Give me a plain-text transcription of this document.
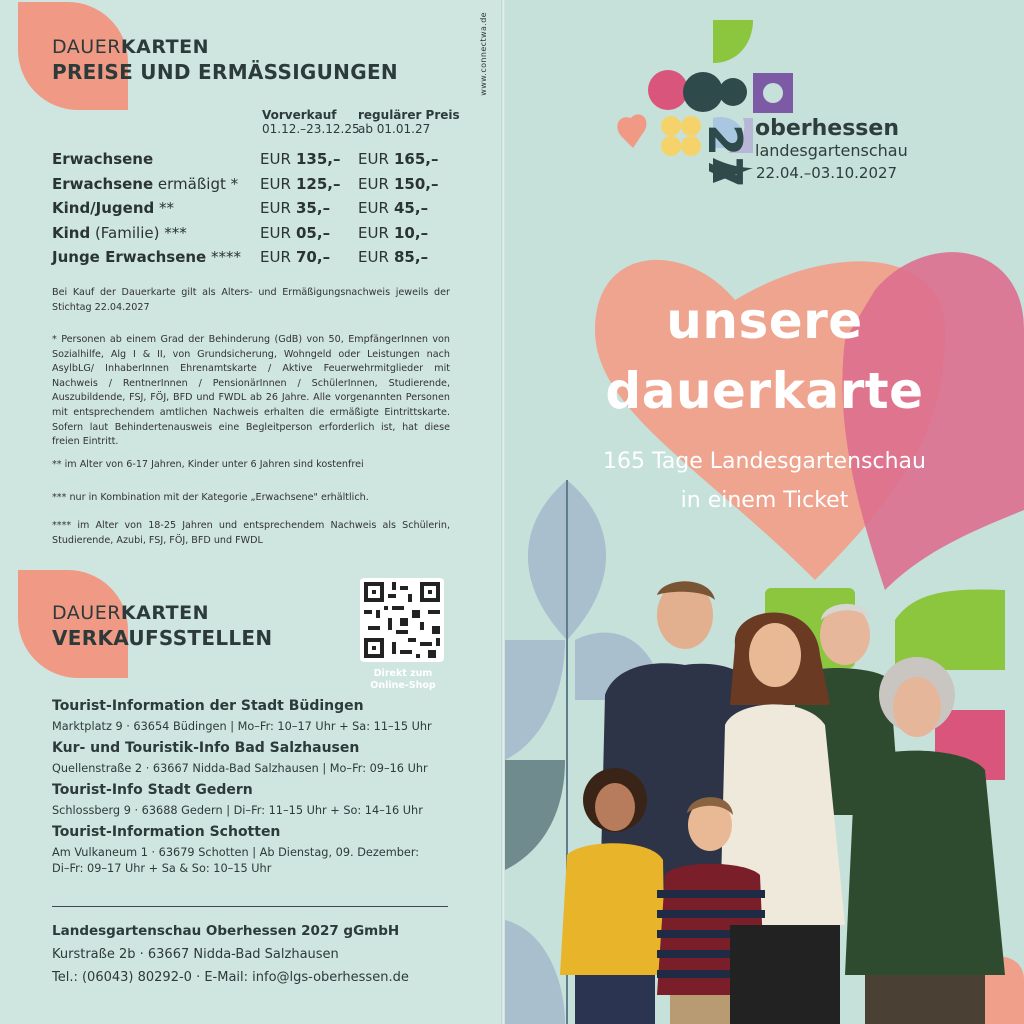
DAUERKARTEN
PREISE UND ERMÄSSIGUNGEN
Vorverkauf
01.12.–23.12.25
regulärer Preis
ab 01.01.27
Erwachsene	EUR 135,– EUR 165,–
Erwachsene ermäßigt * EUR 125,– EUR 150,–
Kind/Jugend **	EUR 35,– EUR 45,–
Kind (Familie) ***	EUR 05,– EUR 10,–
Junge Erwachsene **** EUR 70,– EUR 85,–
Bei Kauf der Dauerkarte gilt als Alters- und Ermäßigungsnachweis jeweils der Stichtag 22.04.2027
* Personen ab einem Grad der Behinderung (GdB) von 50, EmpfängerInnen von Sozialhilfe, Alg I & II, von Grundsicherung, Wohngeld oder Leistungen nach AsylbLG/ InhaberInnen Ehrenamtskarte / Aktive Feuerwehrmitglieder mit Nachweis / RentnerInnen / PensionärInnen / SchülerInnen, Studierende, Auszubildende, FSJ, FÖJ, BFD und FWDL ab 26 Jahre. Alle vorgenannten Personen mit entsprechendem amtlichen Nachweis erhalten die ermäßigte Eintrittskarte. Sofern laut Behindertenausweis eine Begleitperson erforderlich ist, hat diese freien Eintritt.
** im Alter von 6-17 Jahren, Kinder unter 6 Jahren sind kostenfrei
*** nur in Kombination mit der Kategorie „Erwachsene" erhältlich.
**** im Alter von 18-25 Jahren und entsprechendem Nachweis als Schülerin, Studierende, Azubi, FSJ, FÖJ, BFD und FWDL
DAUERKARTEN
VERKAUFSSTELLEN
Direkt zum Online-Shop
Tourist-Information der Stadt Büdingen
Marktplatz 9 · 63654 Büdingen | Mo–Fr: 10–17 Uhr + Sa: 11–15 Uhr
Kur- und Touristik-Info Bad Salzhausen
Quellenstraße 2 · 63667 Nidda-Bad Salzhausen | Mo–Fr: 09–16 Uhr
Tourist-Info Stadt Gedern
Schlossberg 9 · 63688 Gedern | Di–Fr: 11–15 Uhr + So: 14–16 Uhr
Tourist-Information Schotten
Am Vulkaneum 1 · 63679 Schotten | Ab Dienstag, 09. Dezember:
Di–Fr: 09–17 Uhr + Sa & So: 10–15 Uhr
Landesgartenschau Oberhessen 2027 gGmbH
Kurstraße 2b · 63667 Nidda-Bad Salzhausen
Tel.: (06043) 80292-0 · E-Mail: info@lgs-oberhessen.de
www.connectwa.de
27 oberhessen
landesgartenschau
22.04.–03.10.2027
unsere
dauerkarte
165 Tage Landesgartenschau
in einem Ticket
